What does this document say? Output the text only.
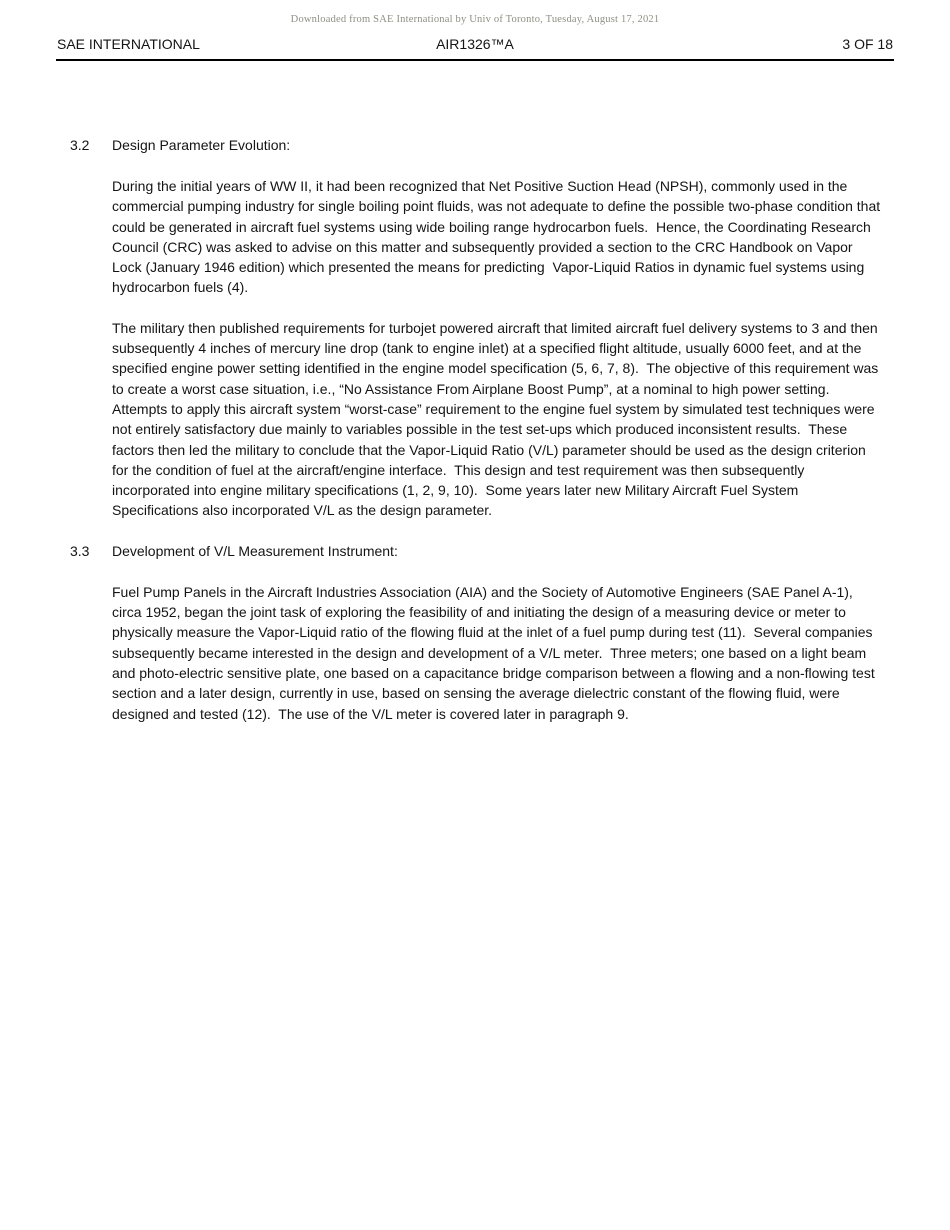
Downloaded from SAE International by Univ of Toronto, Tuesday, August 17, 2021
SAE INTERNATIONAL	AIR1326™A	3 OF 18
3.2	Design Parameter Evolution:

During the initial years of WW II, it had been recognized that Net Positive Suction Head (NPSH), commonly used in the commercial pumping industry for single boiling point fluids, was not adequate to define the possible two-phase condition that could be generated in aircraft fuel systems using wide boiling range hydrocarbon fuels.  Hence, the Coordinating Research Council (CRC) was asked to advise on this matter and subsequently provided a section to the CRC Handbook on Vapor Lock (January 1946 edition) which presented the means for predicting  Vapor-Liquid Ratios in dynamic fuel systems using hydrocarbon fuels (4).

The military then published requirements for turbojet powered aircraft that limited aircraft fuel delivery systems to 3 and then subsequently 4 inches of mercury line drop (tank to engine inlet) at a specified flight altitude, usually 6000 feet, and at the specified engine power setting identified in the engine model specification (5, 6, 7, 8).  The objective of this requirement was to create a worst case situation, i.e., “No Assistance From Airplane Boost Pump”, at a nominal to high power setting.  Attempts to apply this aircraft system “worst-case” requirement to the engine fuel system by simulated test techniques were not entirely satisfactory due mainly to variables possible in the test set-ups which produced inconsistent results.  These factors then led the military to conclude that the Vapor-Liquid Ratio (V/L) parameter should be used as the design criterion for the condition of fuel at the aircraft/engine interface.  This design and test requirement was then subsequently incorporated into engine military specifications (1, 2, 9, 10).  Some years later new Military Aircraft Fuel System Specifications also incorporated V/L as the design parameter.

3.3	Development of V/L Measurement Instrument:

Fuel Pump Panels in the Aircraft Industries Association (AIA) and the Society of Automotive Engineers (SAE Panel A-1), circa 1952, began the joint task of exploring the feasibility of and initiating the design of a measuring device or meter to physically measure the Vapor-Liquid ratio of the flowing fluid at the inlet of a fuel pump during test (11).  Several companies subsequently became interested in the design and development of a V/L meter.  Three meters; one based on a light beam and photo-electric sensitive plate, one based on a capacitance bridge comparison between a flowing and a non-flowing test section and a later design, currently in use, based on sensing the average dielectric constant of the flowing fluid, were designed and tested (12).  The use of the V/L meter is covered later in paragraph 9.
